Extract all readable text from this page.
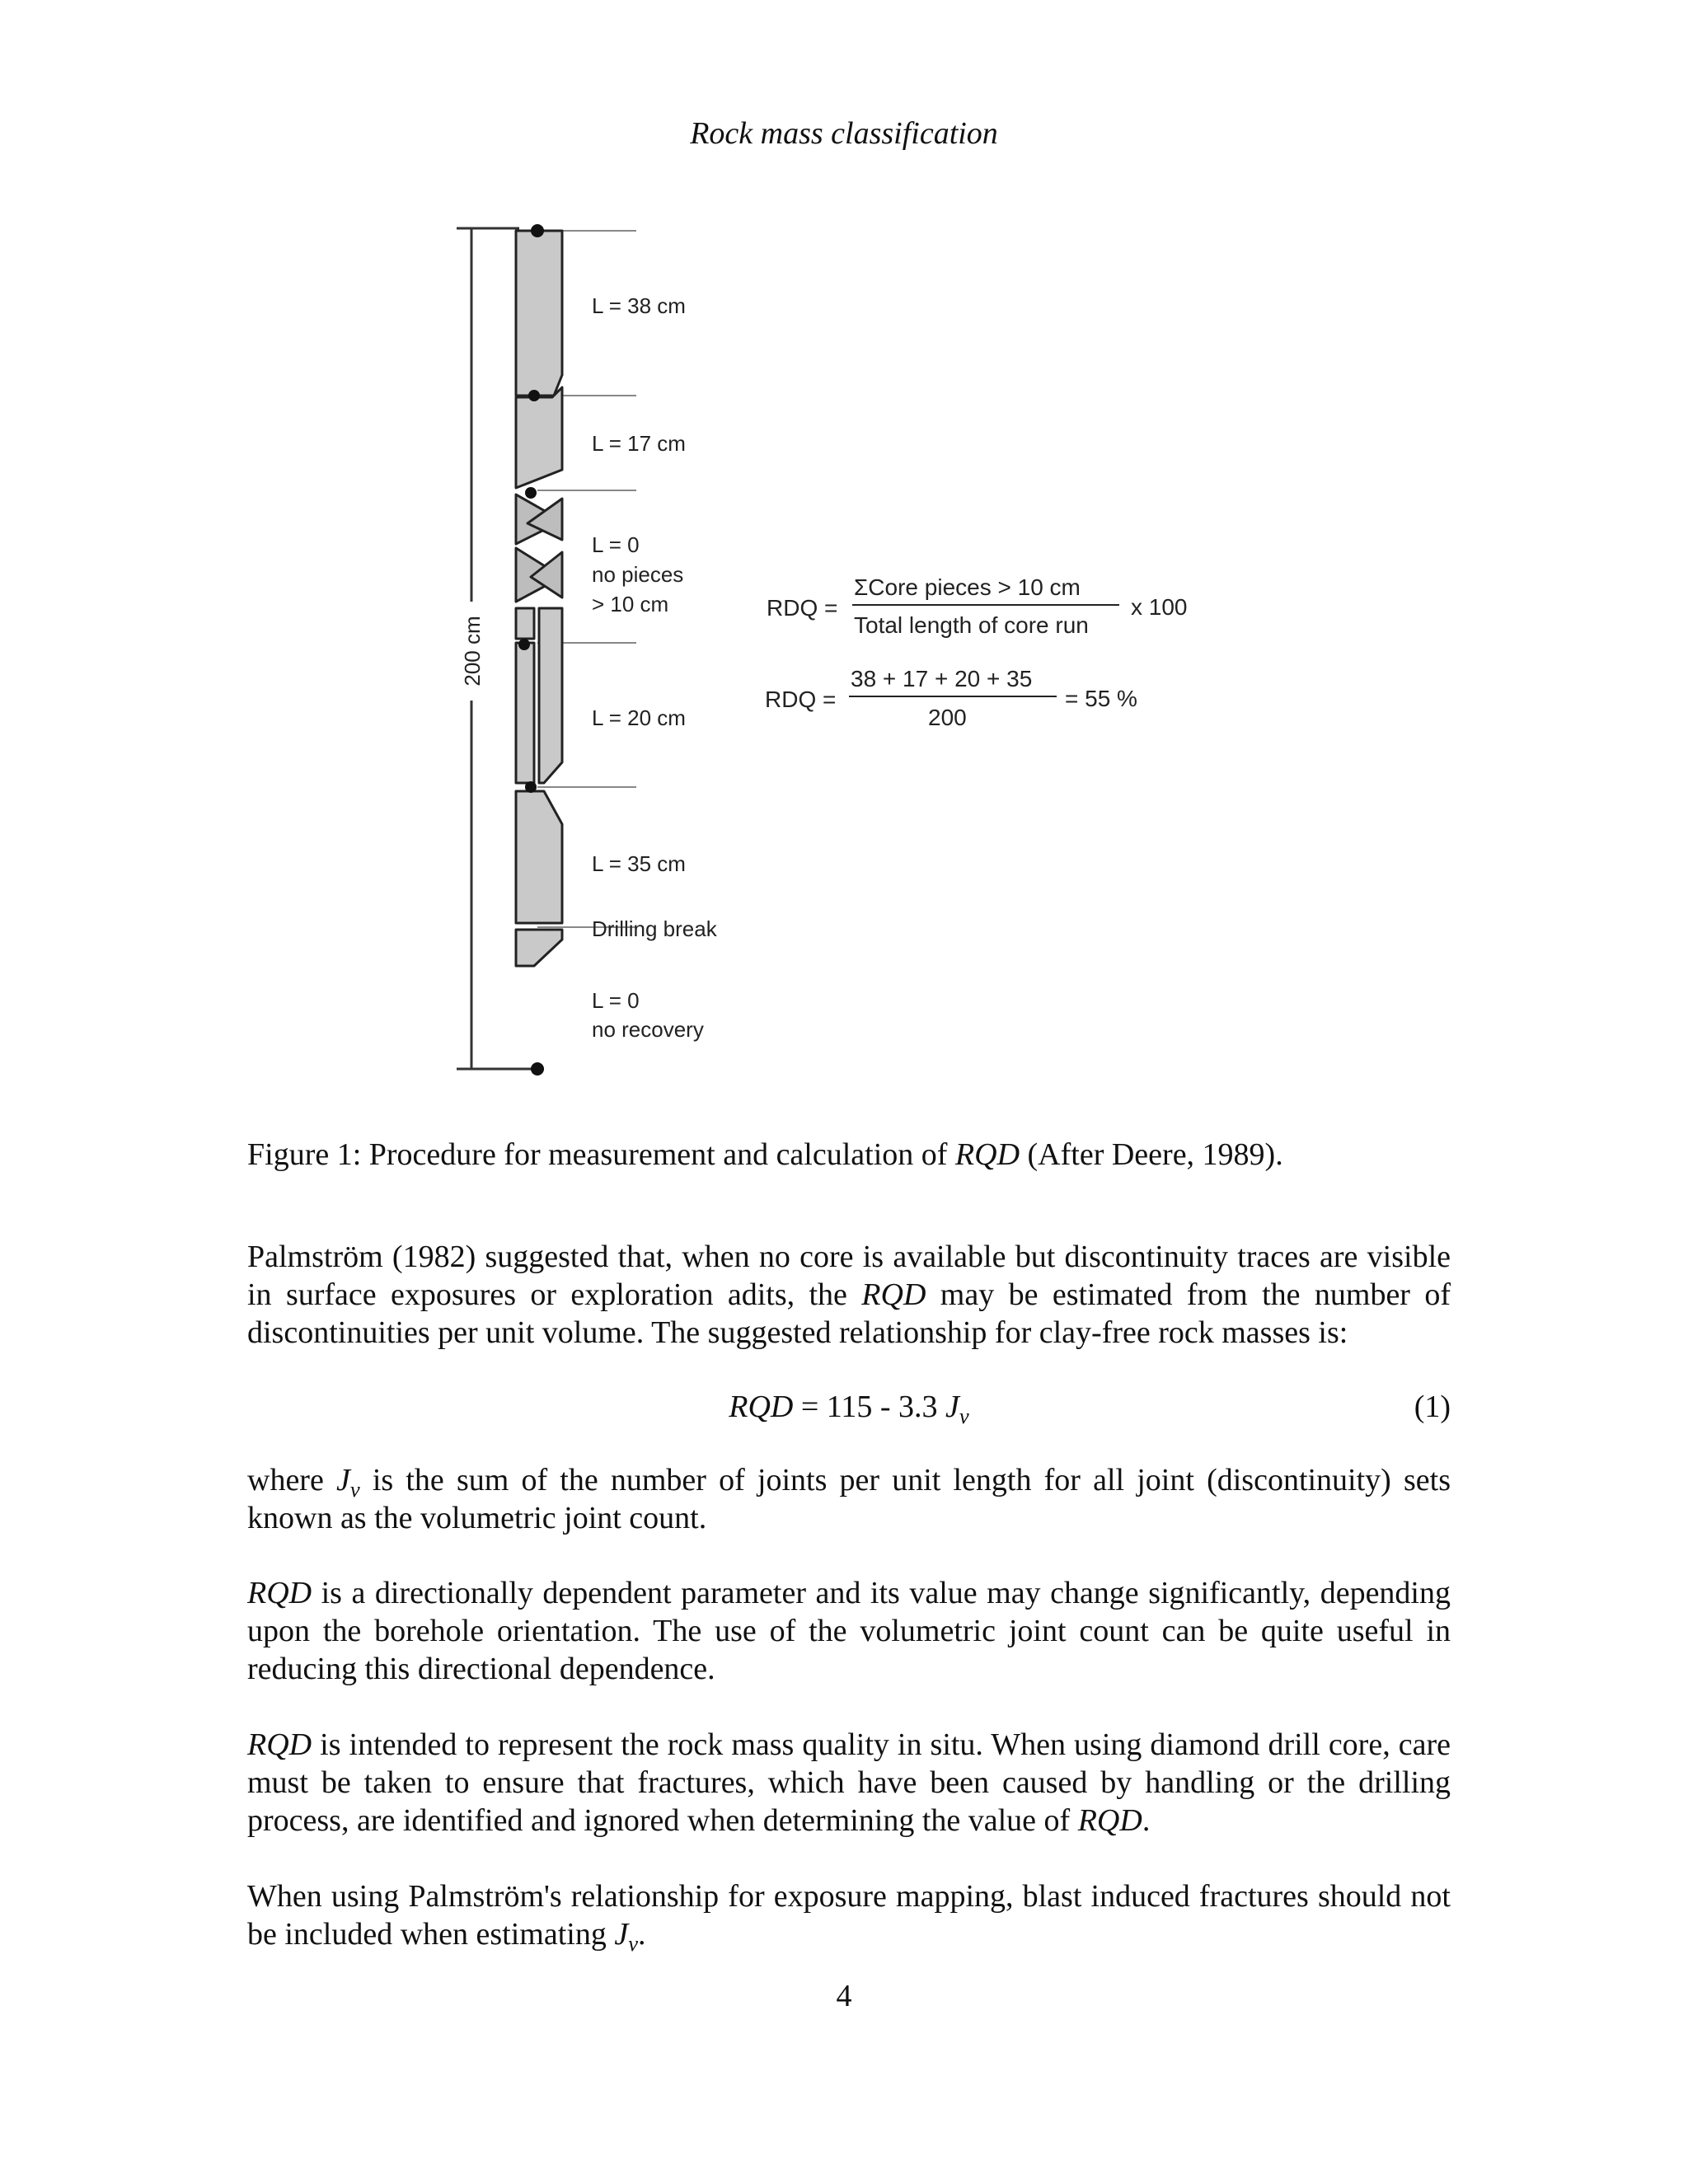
Rock mass classification
200 cm
L = 38 cm
L = 17 cm
L = 0
no pieces
> 10 cm
L = 20 cm
L = 35 cm
Drilling break
L = 0
no recovery
RDQ =
ΣCore pieces > 10 cm
Total length of core run
x 100
RDQ =
38 + 17 + 20 + 35
200
= 55 %
Figure 1: Procedure for measurement and calculation of RQD (After Deere, 1989).
Palmström (1982) suggested that, when no core is available but discontinuity traces are visible in surface exposures or exploration adits, the RQD may be estimated from the number of discontinuities per unit volume. The suggested relationship for clay-free rock masses is:
RQD = 115 - 3.3 $J_v$	(1)
where $J_v$ is the sum of the number of joints per unit length for all joint (discontinuity) sets known as the volumetric joint count.
RQD is a directionally dependent parameter and its value may change significantly, depending upon the borehole orientation. The use of the volumetric joint count can be quite useful in reducing this directional dependence.
RQD is intended to represent the rock mass quality in situ. When using diamond drill core, care must be taken to ensure that fractures, which have been caused by handling or the drilling process, are identified and ignored when determining the value of RQD.
When using Palmström's relationship for exposure mapping, blast induced fractures should not be included when estimating $J_v$.
4
